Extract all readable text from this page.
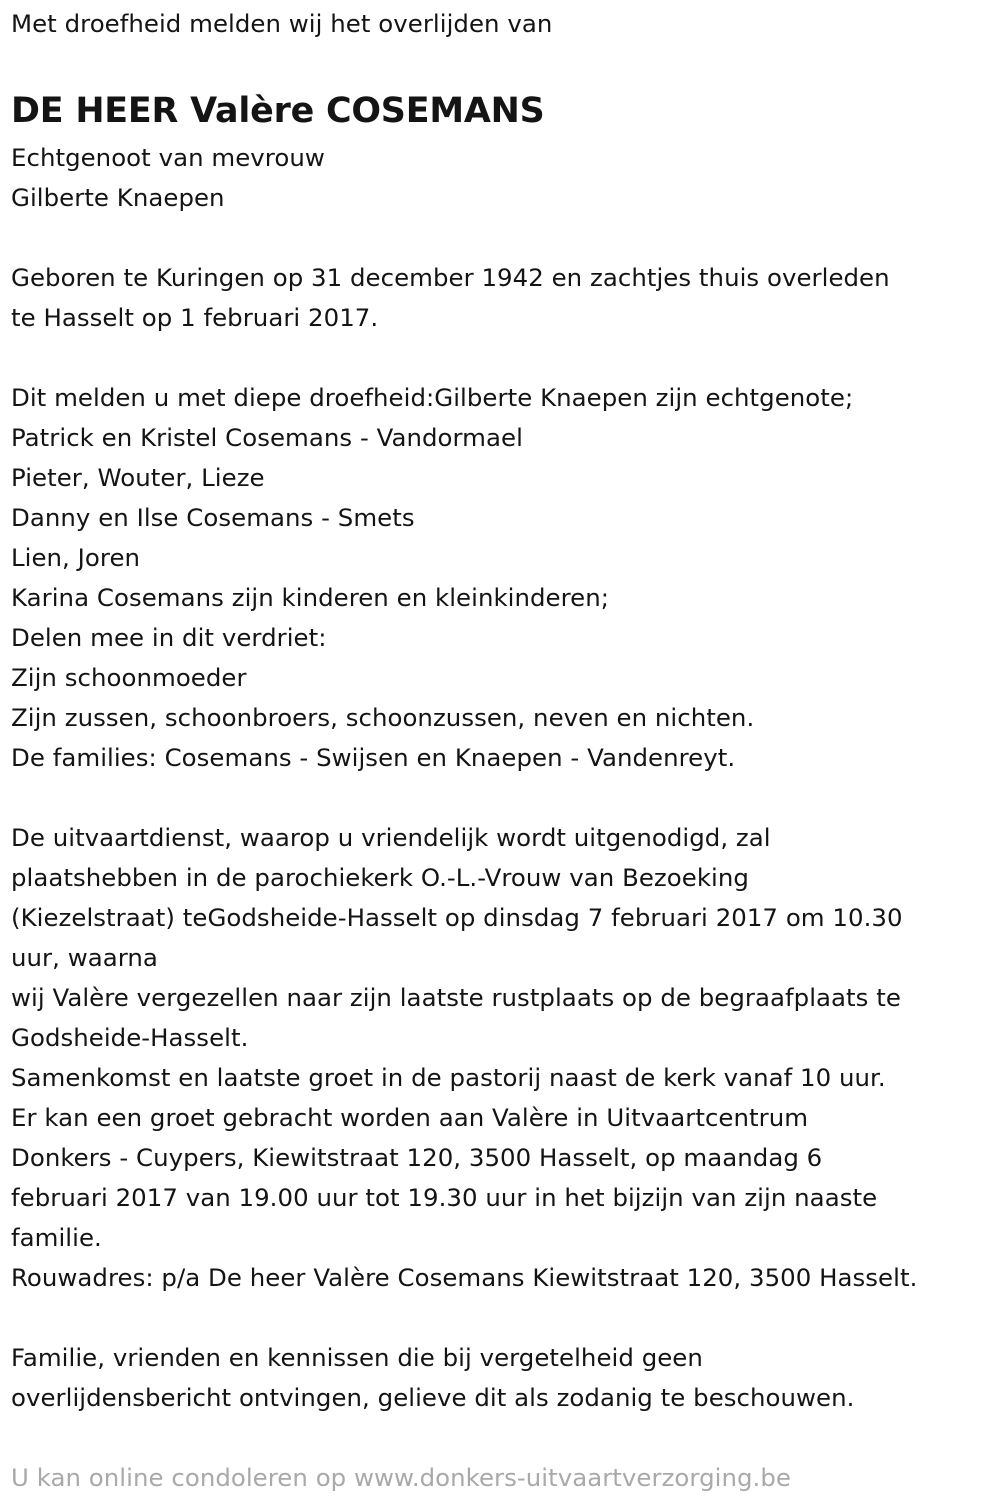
Met droefheid melden wij het overlijden van
DE HEER Valère COSEMANS
Echtgenoot van mevrouw
Gilberte Knaepen
Geboren te Kuringen op 31 december 1942 en zachtjes thuis overleden
te Hasselt op 1 februari 2017.
Dit melden u met diepe droefheid:Gilberte Knaepen zijn echtgenote;
Patrick en Kristel Cosemans - Vandormael
Pieter, Wouter, Lieze
Danny en Ilse Cosemans - Smets
Lien, Joren
Karina Cosemans zijn kinderen en kleinkinderen;
Delen mee in dit verdriet:
Zijn schoonmoeder
Zijn zussen, schoonbroers, schoonzussen, neven en nichten.
De families: Cosemans - Swijsen en Knaepen - Vandenreyt.
De uitvaartdienst, waarop u vriendelijk wordt uitgenodigd, zal
plaatshebben in de parochiekerk O.-L.-Vrouw van Bezoeking
(Kiezelstraat) teGodsheide-Hasselt op dinsdag 7 februari 2017 om 10.30
uur, waarna
wij Valère vergezellen naar zijn laatste rustplaats op de begraafplaats te
Godsheide-Hasselt.
Samenkomst en laatste groet in de pastorij naast de kerk vanaf 10 uur.
Er kan een groet gebracht worden aan Valère in Uitvaartcentrum
Donkers - Cuypers, Kiewitstraat 120, 3500 Hasselt, op maandag 6
februari 2017 van 19.00 uur tot 19.30 uur in het bijzijn van zijn naaste
familie.
Rouwadres: p/a De heer Valère Cosemans Kiewitstraat 120, 3500 Hasselt.
Familie, vrienden en kennissen die bij vergetelheid geen
overlijdensbericht ontvingen, gelieve dit als zodanig te beschouwen.
U kan online condoleren op www.donkers-uitvaartverzorging.be
